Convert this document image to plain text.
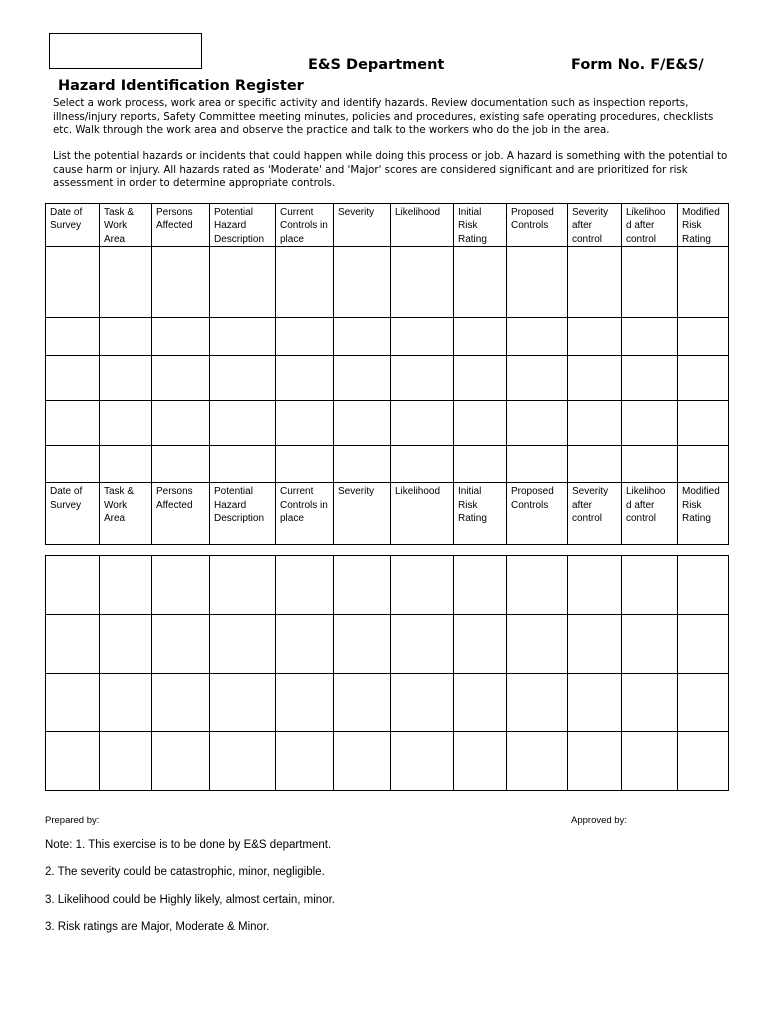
E&S Department	Form No. F/E&S/
Hazard Identification Register

Select a work process, work area or specific activity and identify hazards. Review documentation such as inspection reports, illness/injury reports, Safety Committee meeting minutes, policies and procedures, existing safe operating procedures, checklists etc. Walk through the work area and observe the practice and talk to the workers who do the job in the area.

List the potential hazards or incidents that could happen while doing this process or job. A hazard is something with the potential to cause harm or injury. All hazards rated as 'Moderate' and 'Major' scores are considered significant and are prioritized for risk assessment in order to determine appropriate controls.

Date of Survey	Task & Work Area	Persons Affected	Potential Hazard Description	Current Controls in place	Severity	Likelihood	Initial Risk Rating	Proposed Controls	Severity after control	Likelihoo d after control	Modified Risk Rating

Date of Survey	Task & Work Area	Persons Affected	Potential Hazard Description	Current Controls in place	Severity	Likelihood	Initial Risk Rating	Proposed Controls	Severity after control	Likelihoo d after control	Modified Risk Rating

Prepared by:	Approved by:
Note: 1. This exercise is to be done by E&S department.
2. The severity could be catastrophic, minor, negligible.
3. Likelihood could be Highly likely, almost certain, minor.
3. Risk ratings are Major, Moderate & Minor.
